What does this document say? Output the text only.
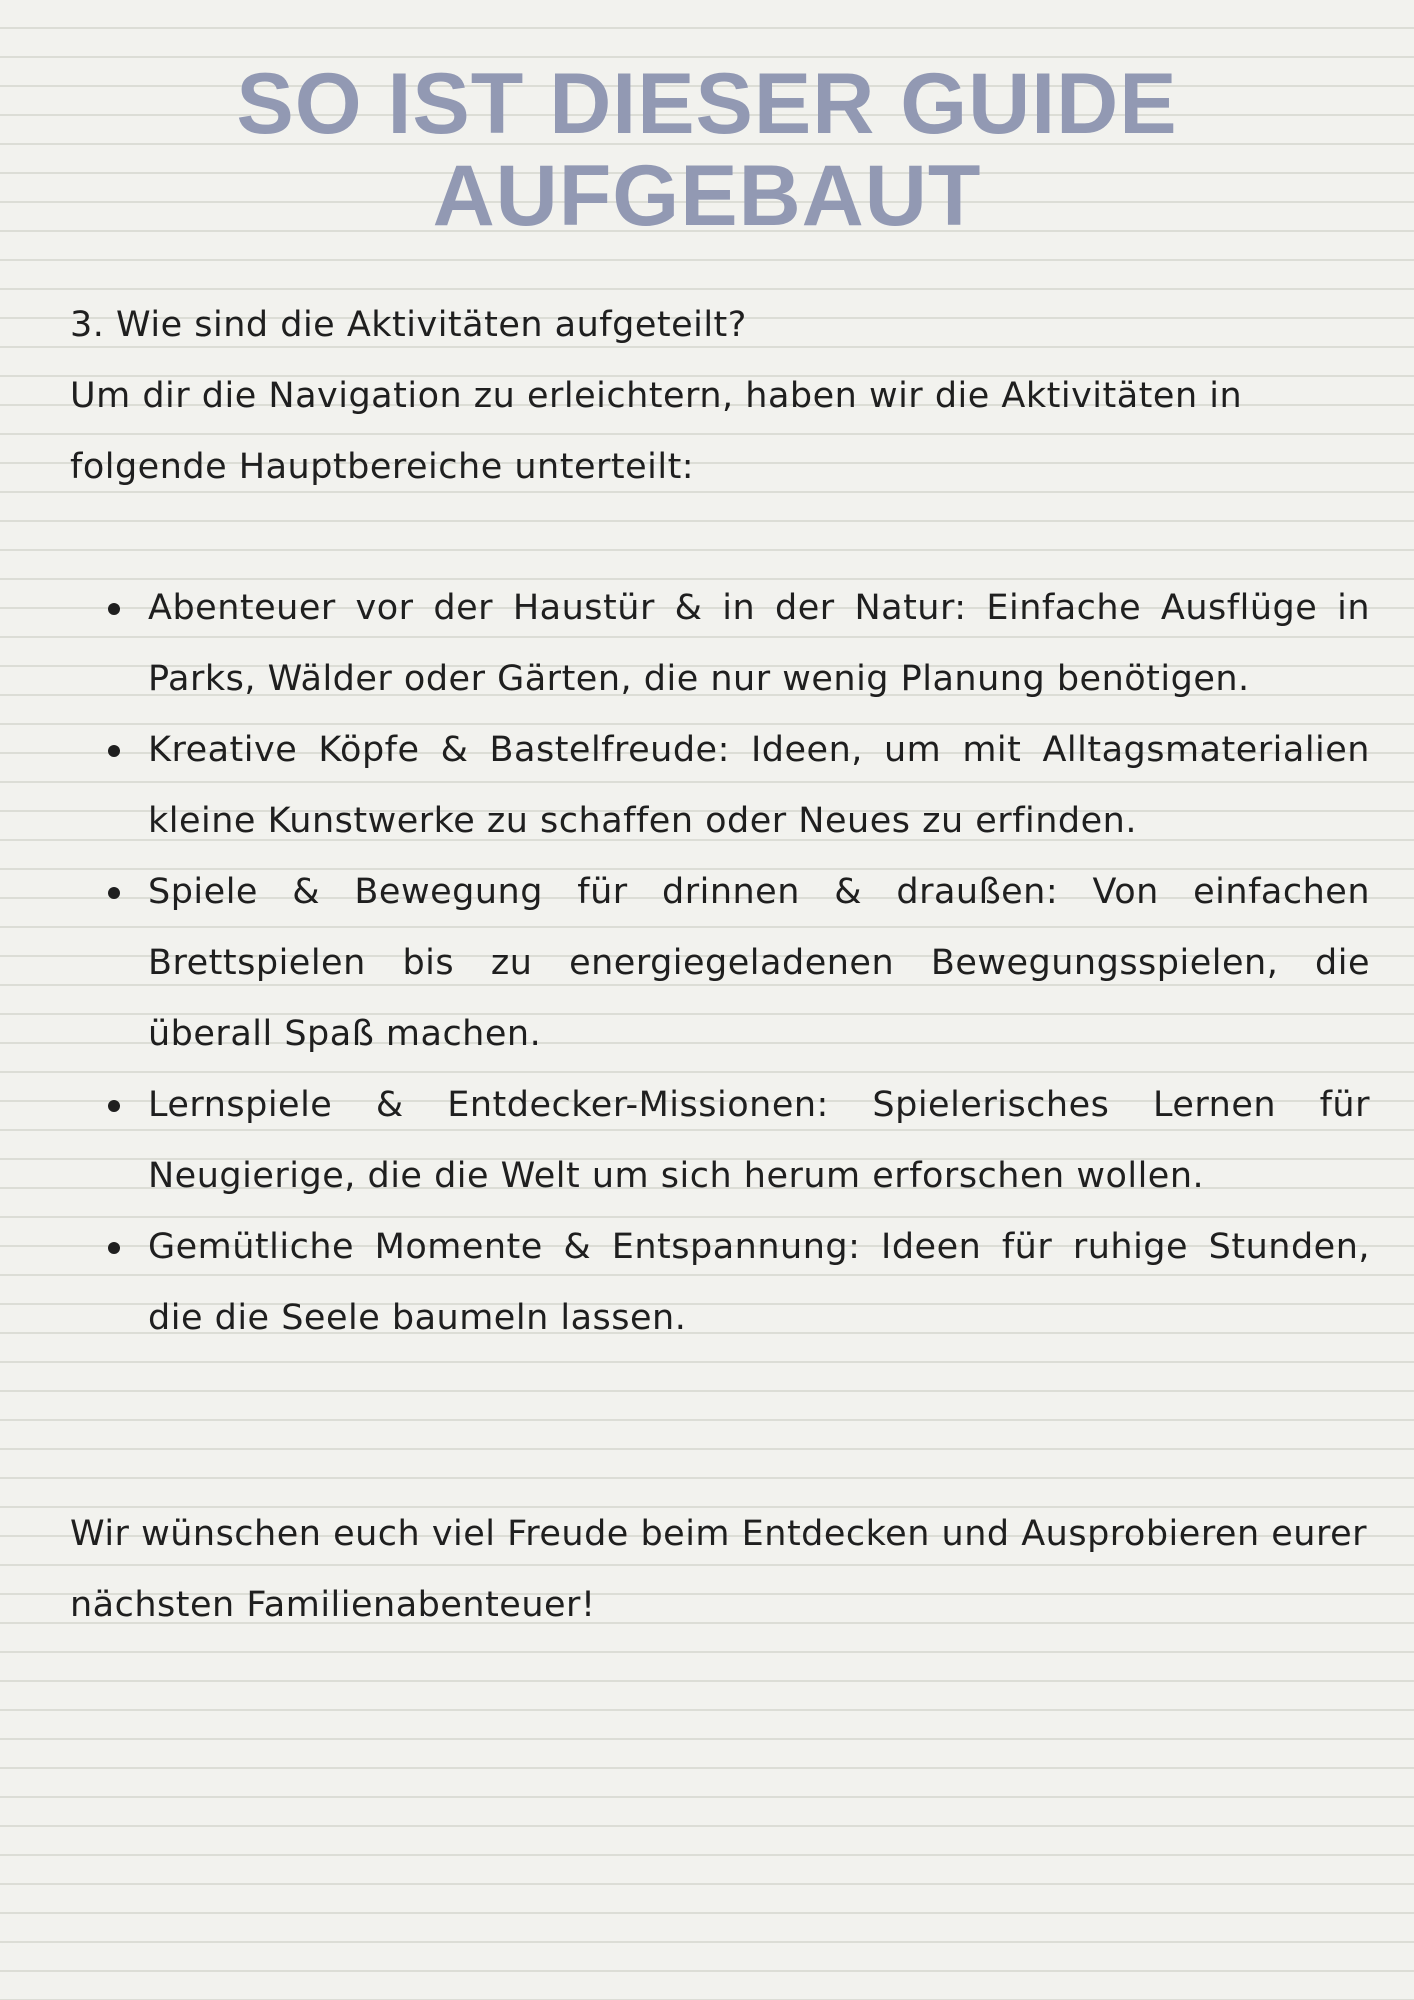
SO IST DIESER GUIDE
AUFGEBAUT

3. Wie sind die Aktivitäten aufgeteilt?

Um dir die Navigation zu erleichtern, haben wir die Aktivitäten in folgende Hauptbereiche unterteilt:

Abenteuer vor der Haustür & in der Natur: Einfache Ausflüge in Parks, Wälder oder Gärten, die nur wenig Planung benötigen.
Kreative Köpfe & Bastelfreude: Ideen, um mit Alltagsmaterialien kleine Kunstwerke zu schaffen oder Neues zu erfinden.
Spiele & Bewegung für drinnen & draußen: Von einfachen Brettspielen bis zu energiegeladenen Bewegungsspielen, die überall Spaß machen.
Lernspiele & Entdecker-Missionen: Spielerisches Lernen für Neugierige, die die Welt um sich herum erforschen wollen.
Gemütliche Momente & Entspannung: Ideen für ruhige Stunden, die die Seele baumeln lassen.

Wir wünschen euch viel Freude beim Entdecken und Ausprobieren eurer nächsten Familienabenteuer!
